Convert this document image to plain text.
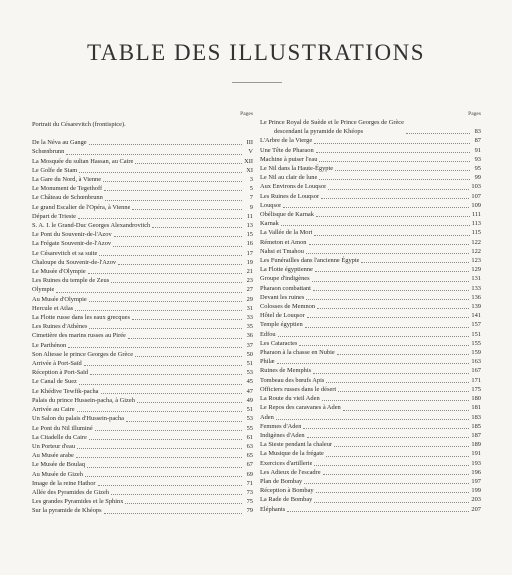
TABLE DES ILLUSTRATIONS
Pages
Portrait du Césarevitch (frontispice).
De la Néva au Gange	III
Schœnbrunn	V
La Mosquée du sultan Hassan, au Caire	XII
Le Golfe de Siam	XI
La Gare du Nord, à Vienne	3
Le Monument de Tegethoff	5
Le Château de Schœnbrunn	7
Le grand Escalier de l'Opéra, à Vienne	9
Départ de Trieste	11
S. A. I. le Grand-Duc Georges Alexandrovitch	13
Le Pont du Souvenir-de-l'Azov	15
La Frégate Souvenir-de-l'Azov	16
Le Césarevitch et sa suite	17
Chaloupe du Souvenir-de-l'Azov	19
Le Musée d'Olympie	21
Les Ruines du temple de Zeus	23
Olympie	27
Au Musée d'Olympie	29
Hercule et Atlas	31
La Flotte russe dans les eaux grecques	33
Les Ruines d'Athènes	35
Cimetière des marins russes au Pirée	36
Le Parthénon	37
Son Altesse le prince Georges de Grèce	50
Arrivée à Port-Saïd	51
Réception à Port-Saïd	53
Le Canal de Suez	45
Le Khédive Tewfik-pacha	47
Palais du prince Hussein-pacha, à Gizeh	49
Arrivée au Caire	51
Un Salon du palais d'Hussein-pacha	53
Le Pont du Nil illuminé	55
La Citadelle du Caire	61
Un Porteur d'eau	63
Au Musée arabe	65
Le Musée de Boulaq	67
Au Musée de Gizeh	69
Image de la reine Hathor	71
Allée des Pyramides de Gizeh	73
Les grandes Pyramides et le Sphinx	75
Sur la pyramide de Khéops	79
Pages
Le Prince Royal de Suède et le Prince Georges de Grèce
descendant la pyramide de Khéops	83
L'Arbre de la Vierge	87
Une Tête de Pharaon	91
Machine à puiser l'eau	93
Le Nil dans la Haute-Égypte	95
Le Nil au clair de lune	99
Aux Environs de Louqsor	103
Les Ruines de Louqsor	107
Louqsor	109
Obélisque de Karnak	111
Karnak	113
La Vallée de la Mort	115
Rémeton et Amon	122
Nahsi et Tmahou	122
Les Funérailles dans l'ancienne Égypte	123
La Flotte égyptienne	129
Groupe d'indigènes	131
Pharaon combattant	133
Devant les ruines	136
Colosses de Memnon	139
Hôtel de Louqsor	141
Temple égyptien	157
Edfou	151
Les Cataractes	155
Pharaon à la chasse en Nubie	159
Philæ	163
Ruines de Memphis	167
Tombeau des bœufs Apis	171
Officiers russes dans le désert	175
La Route du vieil Aden	180
Le Repos des caravanes à Aden	181
Aden	183
Femmes d'Aden	185
Indigènes d'Aden	187
La Sieste pendant la chaleur	189
La Musique de la frégate	191
Exercices d'artillerie	193
Les Adieux de l'escadre	196
Plan de Bombay	197
Réception à Bombay	199
La Rade de Bombay	203
Eléphants	207
